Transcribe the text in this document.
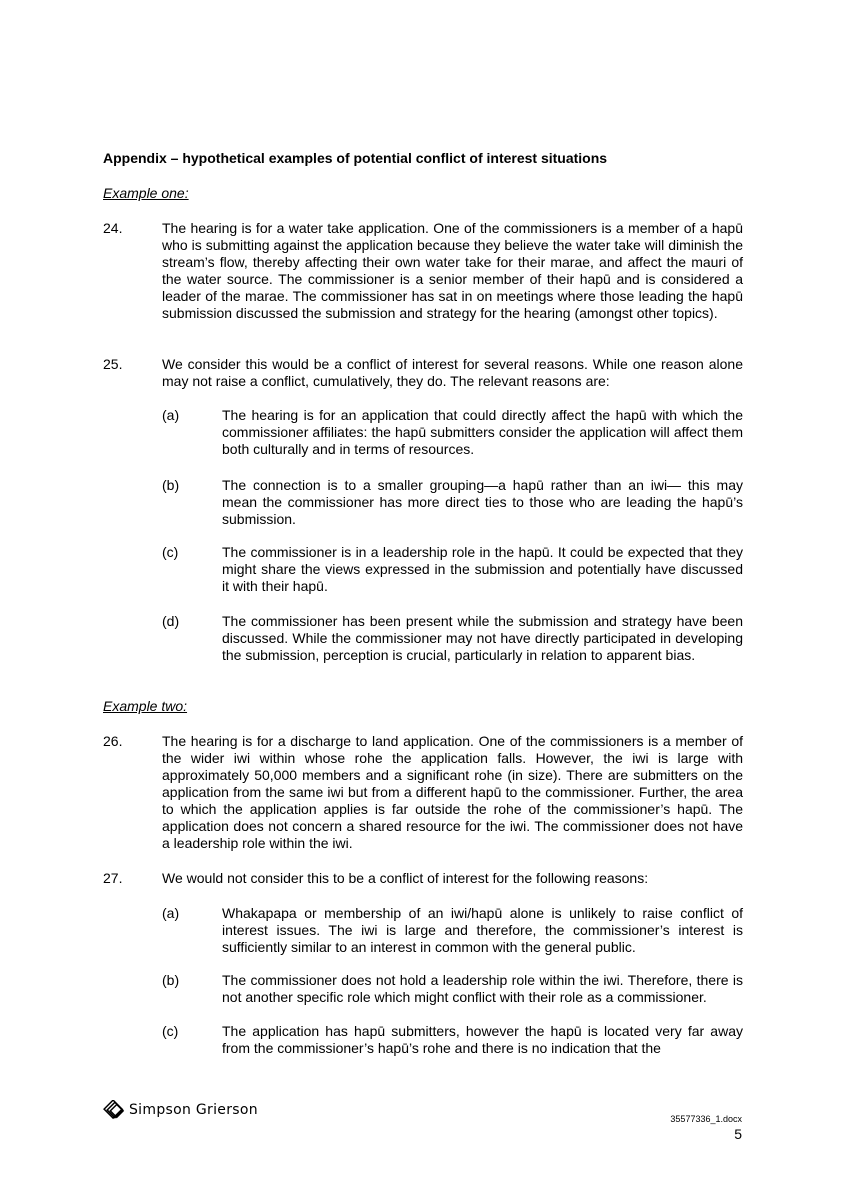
Appendix – hypothetical examples of potential conflict of interest situations
Example one:
24.	The hearing is for a water take application. One of the commissioners is a member of a hapū who is submitting against the application because they believe the water take will diminish the stream’s flow, thereby affecting their own water take for their marae, and affect the mauri of the water source. The commissioner is a senior member of their hapū and is considered a leader of the marae. The commissioner has sat in on meetings where those leading the hapū submission discussed the submission and strategy for the hearing (amongst other topics).
25.	We consider this would be a conflict of interest for several reasons. While one reason alone may not raise a conflict, cumulatively, they do. The relevant reasons are:
(a)	The hearing is for an application that could directly affect the hapū with which the commissioner affiliates: the hapū submitters consider the application will affect them both culturally and in terms of resources.
(b)	The connection is to a smaller grouping—a hapū rather than an iwi— this may mean the commissioner has more direct ties to those who are leading the hapū’s submission.
(c)	The commissioner is in a leadership role in the hapū. It could be expected that they might share the views expressed in the submission and potentially have discussed it with their hapū.
(d)	The commissioner has been present while the submission and strategy have been discussed. While the commissioner may not have directly participated in developing the submission, perception is crucial, particularly in relation to apparent bias.
Example two:
26.	The hearing is for a discharge to land application. One of the commissioners is a member of the wider iwi within whose rohe the application falls. However, the iwi is large with approximately 50,000 members and a significant rohe (in size). There are submitters on the application from the same iwi but from a different hapū to the commissioner. Further, the area to which the application applies is far outside the rohe of the commissioner’s hapū. The application does not concern a shared resource for the iwi. The commissioner does not have a leadership role within the iwi.
27.	We would not consider this to be a conflict of interest for the following reasons:
(a)	Whakapapa or membership of an iwi/hapū alone is unlikely to raise conflict of interest issues. The iwi is large and therefore, the commissioner’s interest is sufficiently similar to an interest in common with the general public.
(b)	The commissioner does not hold a leadership role within the iwi. Therefore, there is not another specific role which might conflict with their role as a commissioner.
(c)	The application has hapū submitters, however the hapū is located very far away from the commissioner’s hapū’s rohe and there is no indication that the
Simpson Grierson
35577336_1.docx
5
